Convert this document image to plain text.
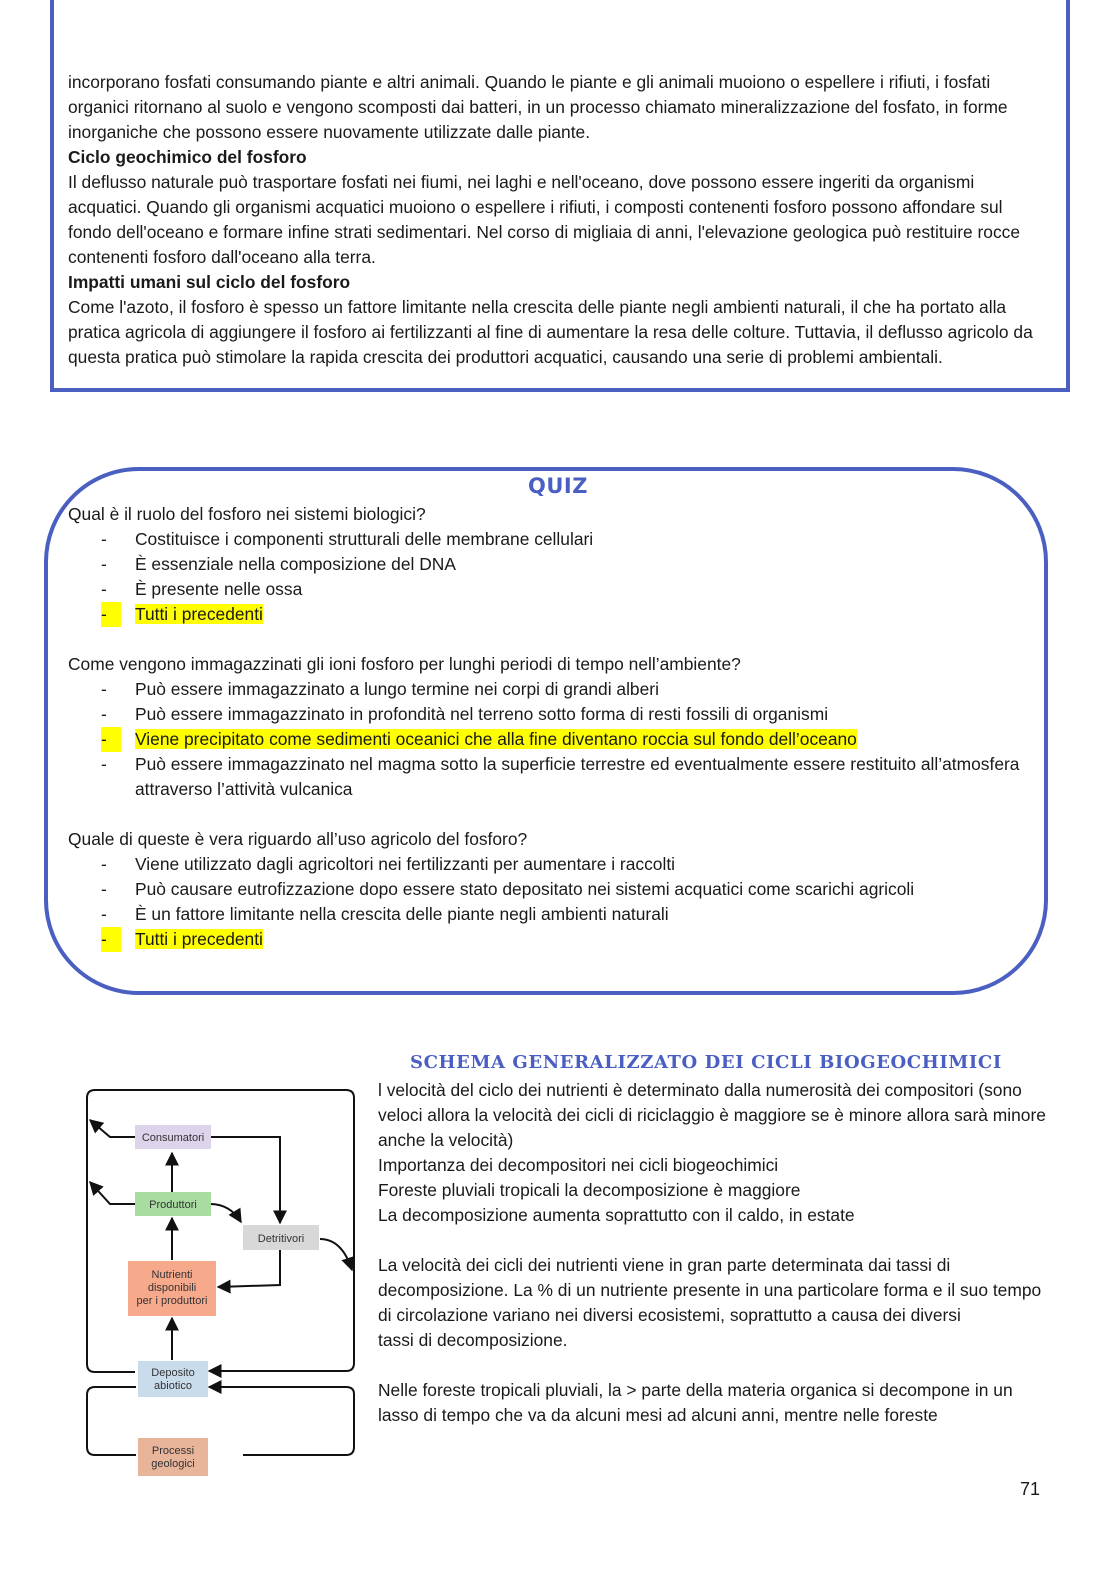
incorporano fosfati consumando piante e altri animali. Quando le piante e gli animali muoiono o espellere i rifiuti, i fosfati organici ritornano al suolo e vengono scomposti dai batteri, in un processo chiamato mineralizzazione del fosfato, in forme inorganiche che possono essere nuovamente utilizzate dalle piante.

Ciclo geochimico del fosforo

Il deflusso naturale può trasportare fosfati nei fiumi, nei laghi e nell'oceano, dove possono essere ingeriti da organismi acquatici. Quando gli organismi acquatici muoiono o espellere i rifiuti, i composti contenenti fosforo possono affondare sul fondo dell'oceano e formare infine strati sedimentari. Nel corso di migliaia di anni, l'elevazione geologica può restituire rocce contenenti fosforo dall'oceano alla terra.

Impatti umani sul ciclo del fosforo

Come l'azoto, il fosforo è spesso un fattore limitante nella crescita delle piante negli ambienti naturali, il che ha portato alla pratica agricola di aggiungere il fosforo ai fertilizzanti al fine di aumentare la resa delle colture. Tuttavia, il deflusso agricolo da questa pratica può stimolare la rapida crescita dei produttori acquatici, causando una serie di problemi ambientali.

QUIZ

Qual è il ruolo del fosforo nei sistemi biologici?

- Costituisce i componenti strutturali delle membrane cellulari
- È essenziale nella composizione del DNA
- È presente nelle ossa
-	Tutti i precedenti

Come vengono immagazzinati gli ioni fosforo per lunghi periodi di tempo nell’ambiente?

- Può essere immagazzinato a lungo termine nei corpi di grandi alberi
- Può essere immagazzinato in profondità nel terreno sotto forma di resti fossili di organismi
-	Viene precipitato come sedimenti oceanici che alla fine diventano roccia sul fondo dell’oceano
- Può essere immagazzinato nel magma sotto la superficie terrestre ed eventualmente essere restituito all’atmosfera attraverso l’attività vulcanica

Quale di queste è vera riguardo all’uso agricolo del fosforo?

- Viene utilizzato dagli agricoltori nei fertilizzanti per aumentare i raccolti
- Può causare eutrofizzazione dopo essere stato depositato nei sistemi acquatici come scarichi agricoli
- È un fattore limitante nella crescita delle piante negli ambienti naturali
-	Tutti i precedenti
SCHEMA GENERALIZZATO DEI CICLI BIOGEOCHIMICI

l velocità del ciclo dei nutrienti è determinato dalla numerosità dei compositori (sono veloci allora la velocità dei cicli di riciclaggio è maggiore se è minore allora sarà minore anche la velocità)

Importanza dei decompositori nei cicli biogeochimici

Foreste pluviali tropicali la decomposizione è maggiore

La decomposizione aumenta soprattutto con il caldo, in estate

La velocità dei cicli dei nutrienti viene in gran parte determinata dai tassi di decomposizione. La % di un nutriente presente in una particolare forma e il suo tempo di circolazione variano nei diversi ecosistemi, soprattutto a causa dei diversi

tassi di decomposizione.

Nelle foreste tropicali pluviali, la > parte della materia organica si decompone in un lasso di tempo che va da alcuni mesi ad alcuni anni, mentre nelle foreste

Consumatori
Produttori
Detritivori
Nutrienti
disponibili
per i produttori
Deposito
abiotico
Processi
geologici
71
